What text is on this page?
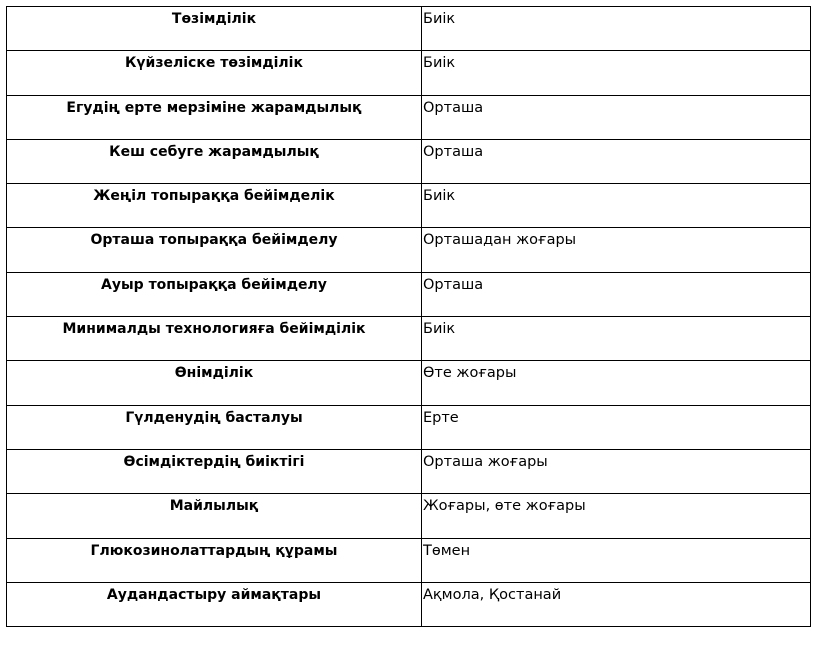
Төзімділік	Биік
Күйзеліске төзімділік	Биік
Егудің ерте мерзіміне жарамдылық	Орташа
Кеш себуге жарамдылық	Орташа
Жеңіл топыраққа бейімделік	Биік
Орташа топыраққа бейімделу	Орташадан жоғары
Ауыр топыраққа бейімделу	Орташа
Минималды технологияға бейімділік	Биік
Өнімділік	Өте жоғары
Гүлденудің басталуы	Ерте
Өсімдіктердің биіктігі	Орташа жоғары
Майлылық	Жоғары, өте жоғары
Глюкозинолаттардың құрамы	Төмен
Аудандастыру аймақтары	Ақмола, Қостанай
